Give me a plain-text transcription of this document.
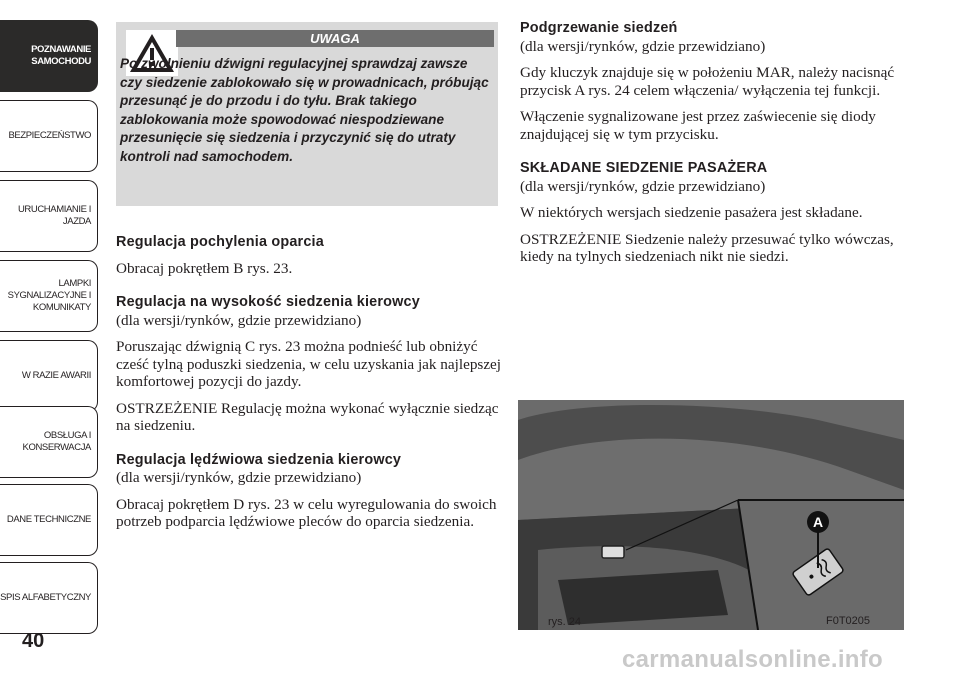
POZNAWANIE SAMOCHODU
BEZPIECZEŃSTWO
URUCHAMIANIE I JAZDA
LAMPKI SYGNALIZACYJNE I KOMUNIKATY
W RAZIE AWARII
OBSŁUGA I KONSERWACJA
DANE TECHNICZNE
SPIS ALFABETYCZNY
40
UWAGA
Po zwolnieniu dźwigni regulacyjnej sprawdzaj zawsze czy siedzenie zablokowało się w prowadnicach, próbując przesunąć je do przodu i do tyłu. Brak takiego zablokowania może spowodować niespodziewane przesunięcie się siedzenia i przyczynić się do utraty kontroli nad samochodem.

Regulacja pochylenia oparcia

Obracaj pokrętłem B rys. 23.

Regulacja na wysokość siedzenia kierowcy

(dla wersji/rynków, gdzie przewidziano)

Poruszając dźwignią C rys. 23 można podnieść lub obniżyć cześć tylną poduszki siedzenia, w celu uzyskania jak najlepszej komfortowej pozycji do jazdy.

OSTRZEŻENIE Regulację można wykonać wyłącznie siedząc na siedzeniu.

Regulacja lędźwiowa siedzenia kierowcy

(dla wersji/rynków, gdzie przewidziano)

Obracaj pokrętłem D rys. 23 w celu wyregulowania do swoich potrzeb podparcia lędźwiowe pleców do oparcia siedzenia.

Podgrzewanie siedzeń

(dla wersji/rynków, gdzie przewidziano)

Gdy kluczyk znajduje się w położeniu MAR, należy nacisnąć przycisk A rys. 24 celem włączenia/ wyłączenia tej funkcji.

Włączenie sygnalizowane jest przez zaświecenie się diody znajdującej się w tym przycisku.

SKŁADANE SIEDZENIE PASAŻERA

(dla wersji/rynków, gdzie przewidziano)

W niektórych wersjach siedzenie pasażera jest składane.

OSTRZEŻENIE Siedzenie należy przesuwać tylko wówczas, kiedy na tylnych siedzeniach nikt nie siedzi.

A
rys. 24	F0T0205
carmanualsonline.info
